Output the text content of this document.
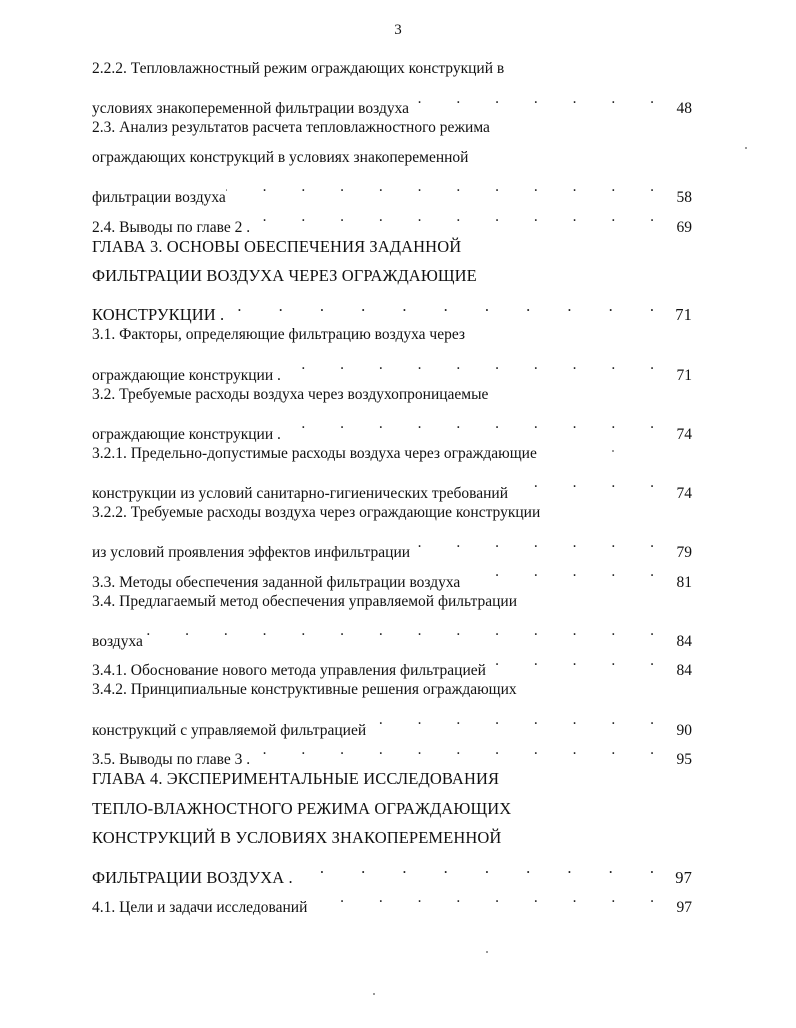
3
2.2.2. Тепловлажностный режим ограждающих конструкций в
условиях знакопеременной фильтрации воздуха .	48
2.3. Анализ результатов расчета тепловлажностного режима
ограждающих конструкций в условиях знакопеременной
фильтрации воздуха .	58
2.4. Выводы по главе 2 . .	69
ГЛАВА 3. ОСНОВЫ ОБЕСПЕЧЕНИЯ ЗАДАННОЙ
ФИЛЬТРАЦИИ ВОЗДУХА ЧЕРЕЗ ОГРАЖДАЮЩИЕ
КОНСТРУКЦИИ . .	71
3.1. Факторы, определяющие фильтрацию воздуха через
ограждающие конструкции . .	71
3.2. Требуемые расходы воздуха через воздухопроницаемые
ограждающие конструкции . .	74
3.2.1. Предельно-допустимые расходы воздуха через ограждающие
конструкции из условий санитарно-гигиенических требований .	74
3.2.2. Требуемые расходы воздуха через ограждающие конструкции
из условий проявления эффектов инфильтрации .	79
3.3. Методы обеспечения заданной фильтрации воздуха .	81
3.4. Предлагаемый метод обеспечения управляемой фильтрации
воздуха .	84
3.4.1. Обоснование нового метода управления фильтрацией .	84
3.4.2. Принципиальные конструктивные решения ограждающих
конструкций с управляемой фильтрацией .	90
3.5. Выводы по главе 3 . .	95
ГЛАВА 4. ЭКСПЕРИМЕНТАЛЬНЫЕ ИССЛЕДОВАНИЯ
ТЕПЛО-ВЛАЖНОСТНОГО РЕЖИМА ОГРАЖДАЮЩИХ
КОНСТРУКЦИЙ В УСЛОВИЯХ ЗНАКОПЕРЕМЕННОЙ
ФИЛЬТРАЦИИ ВОЗДУХА . .	97
4.1. Цели и задачи исследований .	97
